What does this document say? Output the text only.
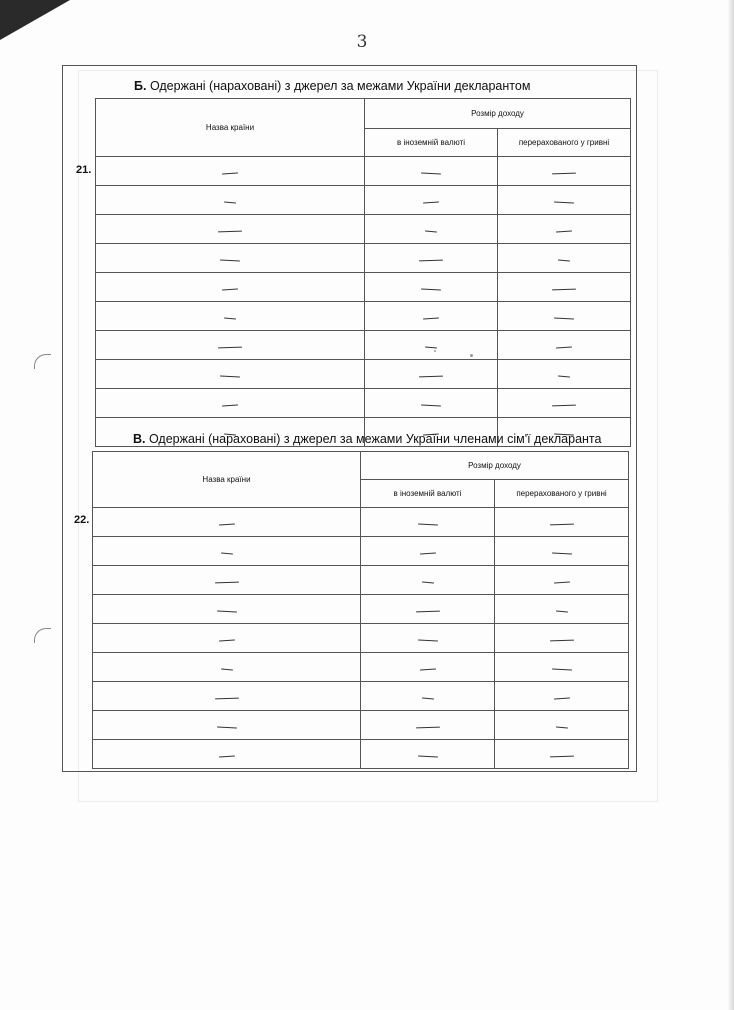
3
Б. Одержані (нараховані) з джерел за межами України декларантом
21.
Назва країни	Розмір доходу	
	в іноземній валюті	перерахованого у гривні

В. Одержані (нараховані) з джерел за межами України членами сім'ї декларанта
22.
Назва країни	Розмір доходу	
	в іноземній валюті	перерахованого у гривні
